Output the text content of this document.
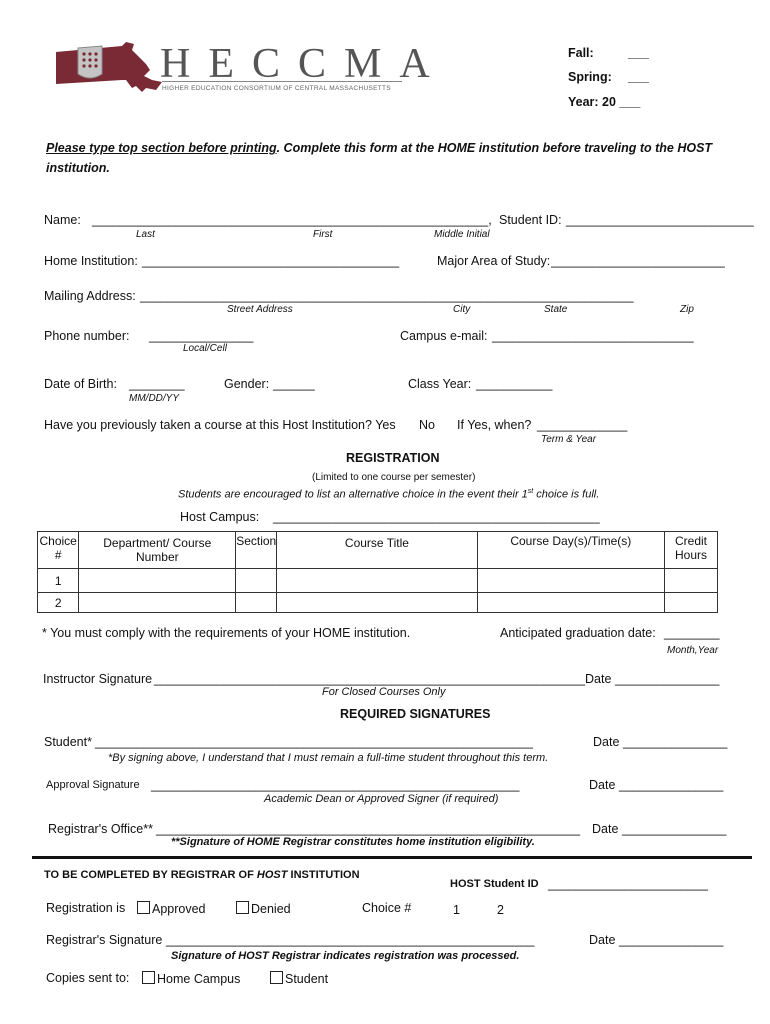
HECCMA
HIGHER EDUCATION CONSORTIUM OF CENTRAL MASSACHUSETTS
Fall:	___
Spring: ___
Year: 20 ___
Please type top section before printing. Complete this form at the HOME institution before traveling to the HOST
institution.
Name: _________________________________________________________, Student ID: ___________________________
Last	First	Middle Initial
Home Institution: _____________________________________	Major Area of Study: _________________________
Mailing Address: _______________________________________________________________________
Street Address	City	State	Zip
Phone number: _______________
Local/Cell
Campus e-mail: _____________________________
Date of Birth: ________
MM/DD/YY
Gender: ______	Class Year: ___________
Have you previously taken a course at this Host Institution? Yes No If Yes, when? _____________
Term & Year
REGISTRATION
(Limited to one course per semester)
Students are encouraged to list an alternative choice in the event their 1st choice is full.
Host Campus: _______________________________________________
Choice #	Department/ Course Number	Section	Course Title	Course Day(s)/Time(s)	Credit Hours
1					
2					
* You must comply with the requirements of your HOME institution.	Anticipated graduation date: ________
Month,Year
Instructor Signature ______________________________________________________________ Date _______________
For Closed Courses Only
REQUIRED SIGNATURES
Student* _______________________________________________________________	Date _______________
*By signing above, I understand that I must remain a full-time student throughout this term.
Approval Signature _____________________________________________________	Date _______________
Academic Dean or Approved Signer (if required)
Registrar's Office** _____________________________________________________________ Date _______________
**Signature of HOME Registrar constitutes home institution eligibility.
TO BE COMPLETED BY REGISTRAR OF HOST INSTITUTION
HOST Student ID _______________________
Registration is	Approved	Denied	Choice #	1	2
Registrar's Signature _____________________________________________________	Date _______________
Signature of HOST Registrar indicates registration was processed.
Copies sent to:	Home Campus	Student
